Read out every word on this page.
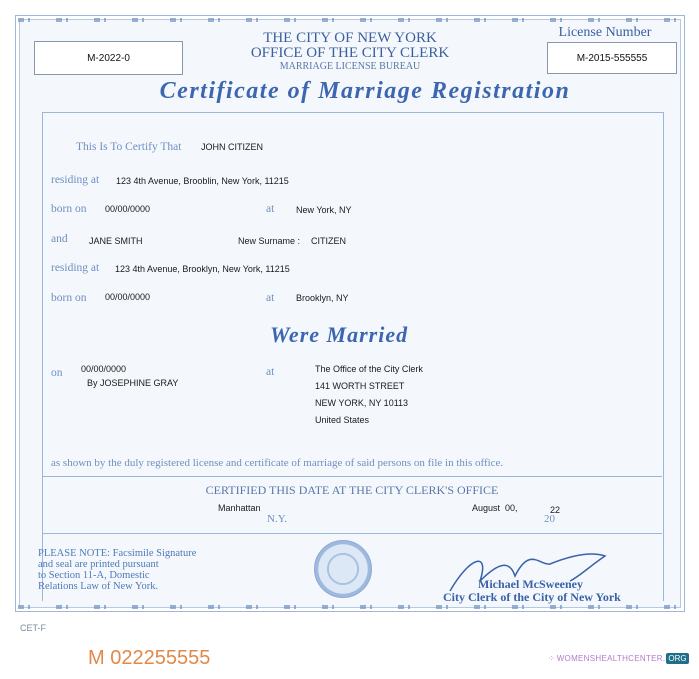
M-2022-0
THE CITY OF NEW YORK
OFFICE OF THE CITY CLERK
MARRIAGE LICENSE BUREAU
License Number
M-2015-555555
Certificate of Marriage Registration
This Is To Certify That JOHN CITIZEN
residing at 123 4th Avenue, Brooblin, New York, 11215
born on 00/00/0000	at New York, NY
and JANE SMITH	New Surname : CITIZEN
residing at 123 4th Avenue, Brooklyn, New York, 11215
born on 00/00/0000	at Brooklyn, NY
Were Married
on 00/00/0000
By JOSEPHINE GRAY
at	The Office of the City Clerk
141 WORTH STREET
NEW YORK, NY 10113
United States
as shown by the duly registered license and certificate of marriage of said persons on file in this office.
CERTIFIED THIS DATE AT THE CITY CLERK'S OFFICE
Manhattan
N.Y.
August  00,	22
20
PLEASE NOTE: Facsimile Signature
and seal are printed pursuant
to Section 11-A, Domestic
Relations Law of New York.	Michael McSweeney
City Clerk of the City of New York
CET-F
M 022255555	⁘ WOMENSHEALTHCENTER. ORG
